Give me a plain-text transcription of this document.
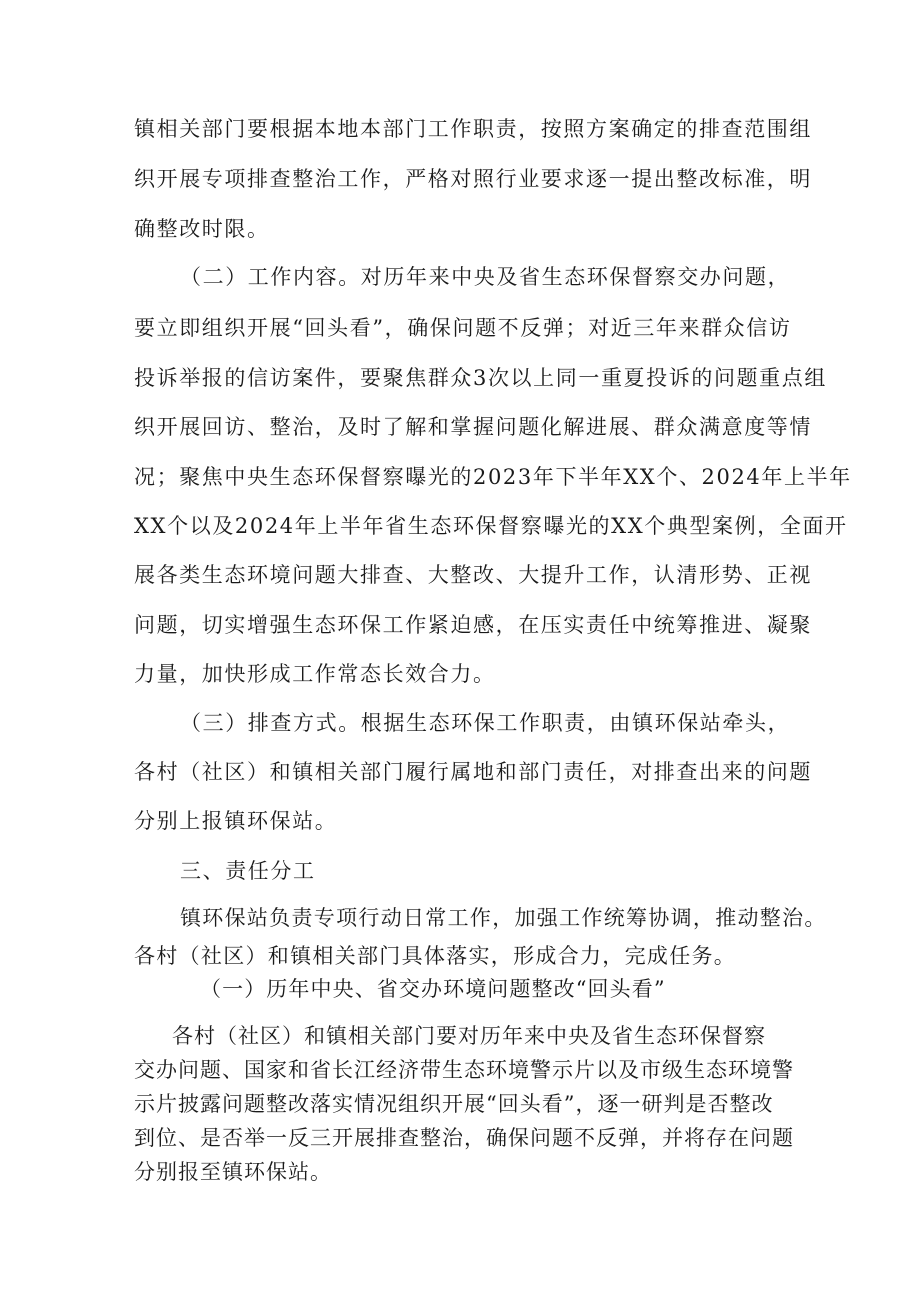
镇相关部门要根据本地本部门工作职责，按照方案确定的排查范围组
织开展专项排查整治工作，严格对照行业要求逐一提出整改标准，明
确整改时限。
（二）工作内容。对历年来中央及省生态环保督察交办问题，
要立即组织开展“回头看”，确保问题不反弹；对近三年来群众信访
投诉举报的信访案件，要聚焦群众3次以上同一重夏投诉的问题重点组
织开展回访、整治，及时了解和掌握问题化解进展、群众满意度等情
况；聚焦中央生态环保督察曝光的2023年下半年XX个、2024年上半年
XX个以及2024年上半年省生态环保督察曝光的XX个典型案例，全面开
展各类生态环境问题大排查、大整改、大提升工作，认清形势、正视
问题，切实增强生态环保工作紧迫感，在压实责任中统筹推进、凝聚
力量，加快形成工作常态长效合力。
（三）排查方式。根据生态环保工作职责，由镇环保站牵头，
各村（社区）和镇相关部门履行属地和部门责任，对排查出来的问题
分别上报镇环保站。
三、责任分工
镇环保站负责专项行动日常工作，加强工作统筹协调，推动整治。
各村（社区）和镇相关部门具体落实，形成合力，完成任务。
（一）历年中央、省交办环境问题整改“回头看”
各村（社区）和镇相关部门要对历年来中央及省生态环保督察
交办问题、国家和省长江经济带生态环境警示片以及市级生态环境警
示片披露问题整改落实情况组织开展“回头看”，逐一研判是否整改
到位、是否举一反三开展排查整治，确保问题不反弹，并将存在问题
分别报至镇环保站。
